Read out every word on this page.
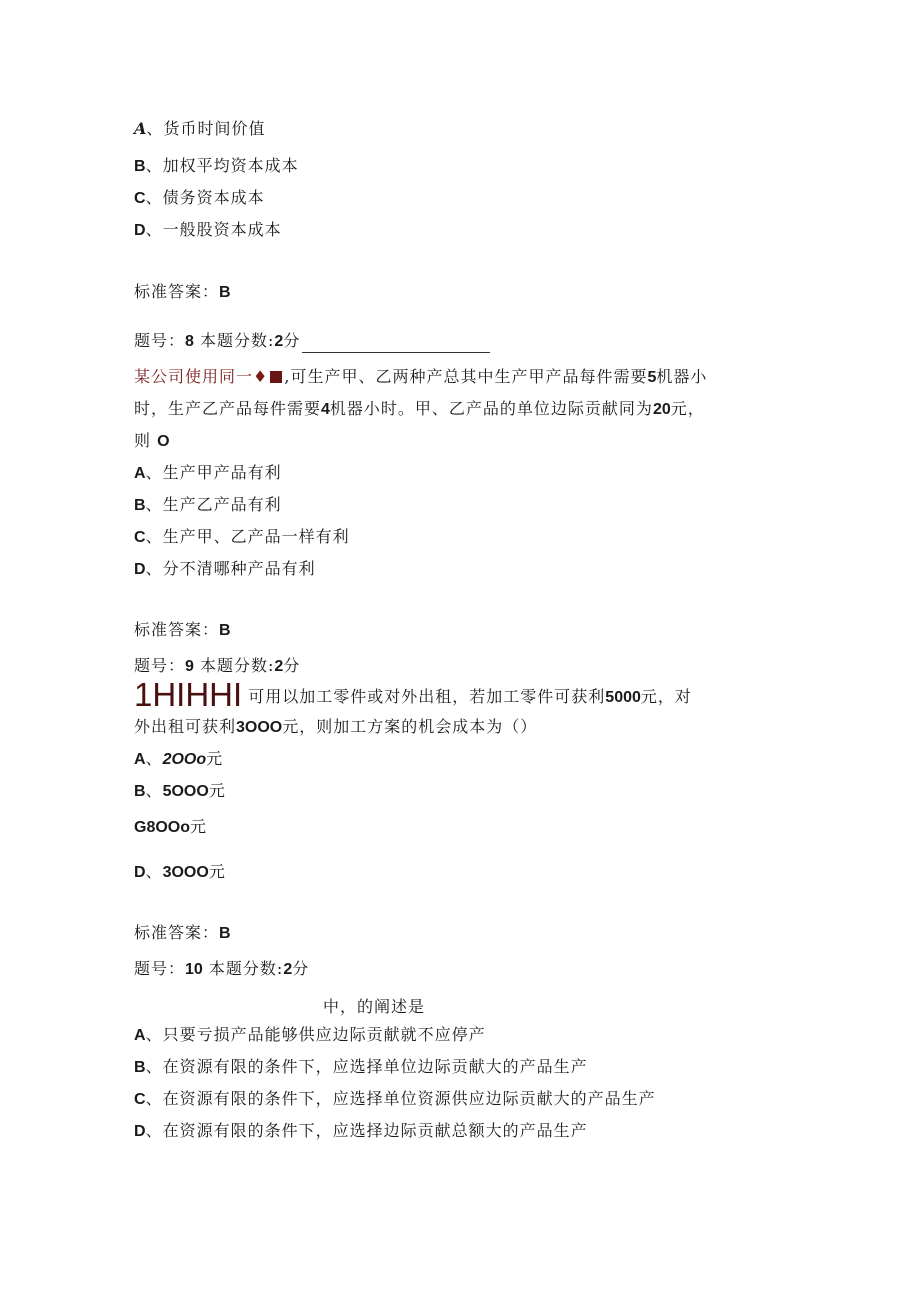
A、货币时间价值
B、加权平均资本成本
C、债务资本成本
D、一般股资本成本
标准答案：B
题号：8 本题分数:2分
某公司使用同一♦ ,可生产甲、乙两种产总其中生产甲产品每件需要5机器小
时，生产乙产品每件需要4机器小时。甲、乙产品的单位边际贡献同为20元，
则 O
A、生产甲产品有利
B、生产乙产品有利
C、生产甲、乙产品一样有利
D、分不清哪种产品有利
标准答案：B
题号：9 本题分数:2分
1HIHHI 可用以加工零件或对外出租，若加工零件可获利5000元，对
外出租可获利3OOO元，则加工方案的机会成本为（）
A、2OOo元
B、5OOO元
G8OOo元
D、3OOO元
标准答案：B
题号：10 本题分数:2分
中，的阐述是
A、只要亏损产品能够供应边际贡献就不应停产
B、在资源有限的条件下，应选择单位边际贡献大的产品生产
C、在资源有限的条件下，应选择单位资源供应边际贡献大的产品生产
D、在资源有限的条件下，应选择边际贡献总额大的产品生产
